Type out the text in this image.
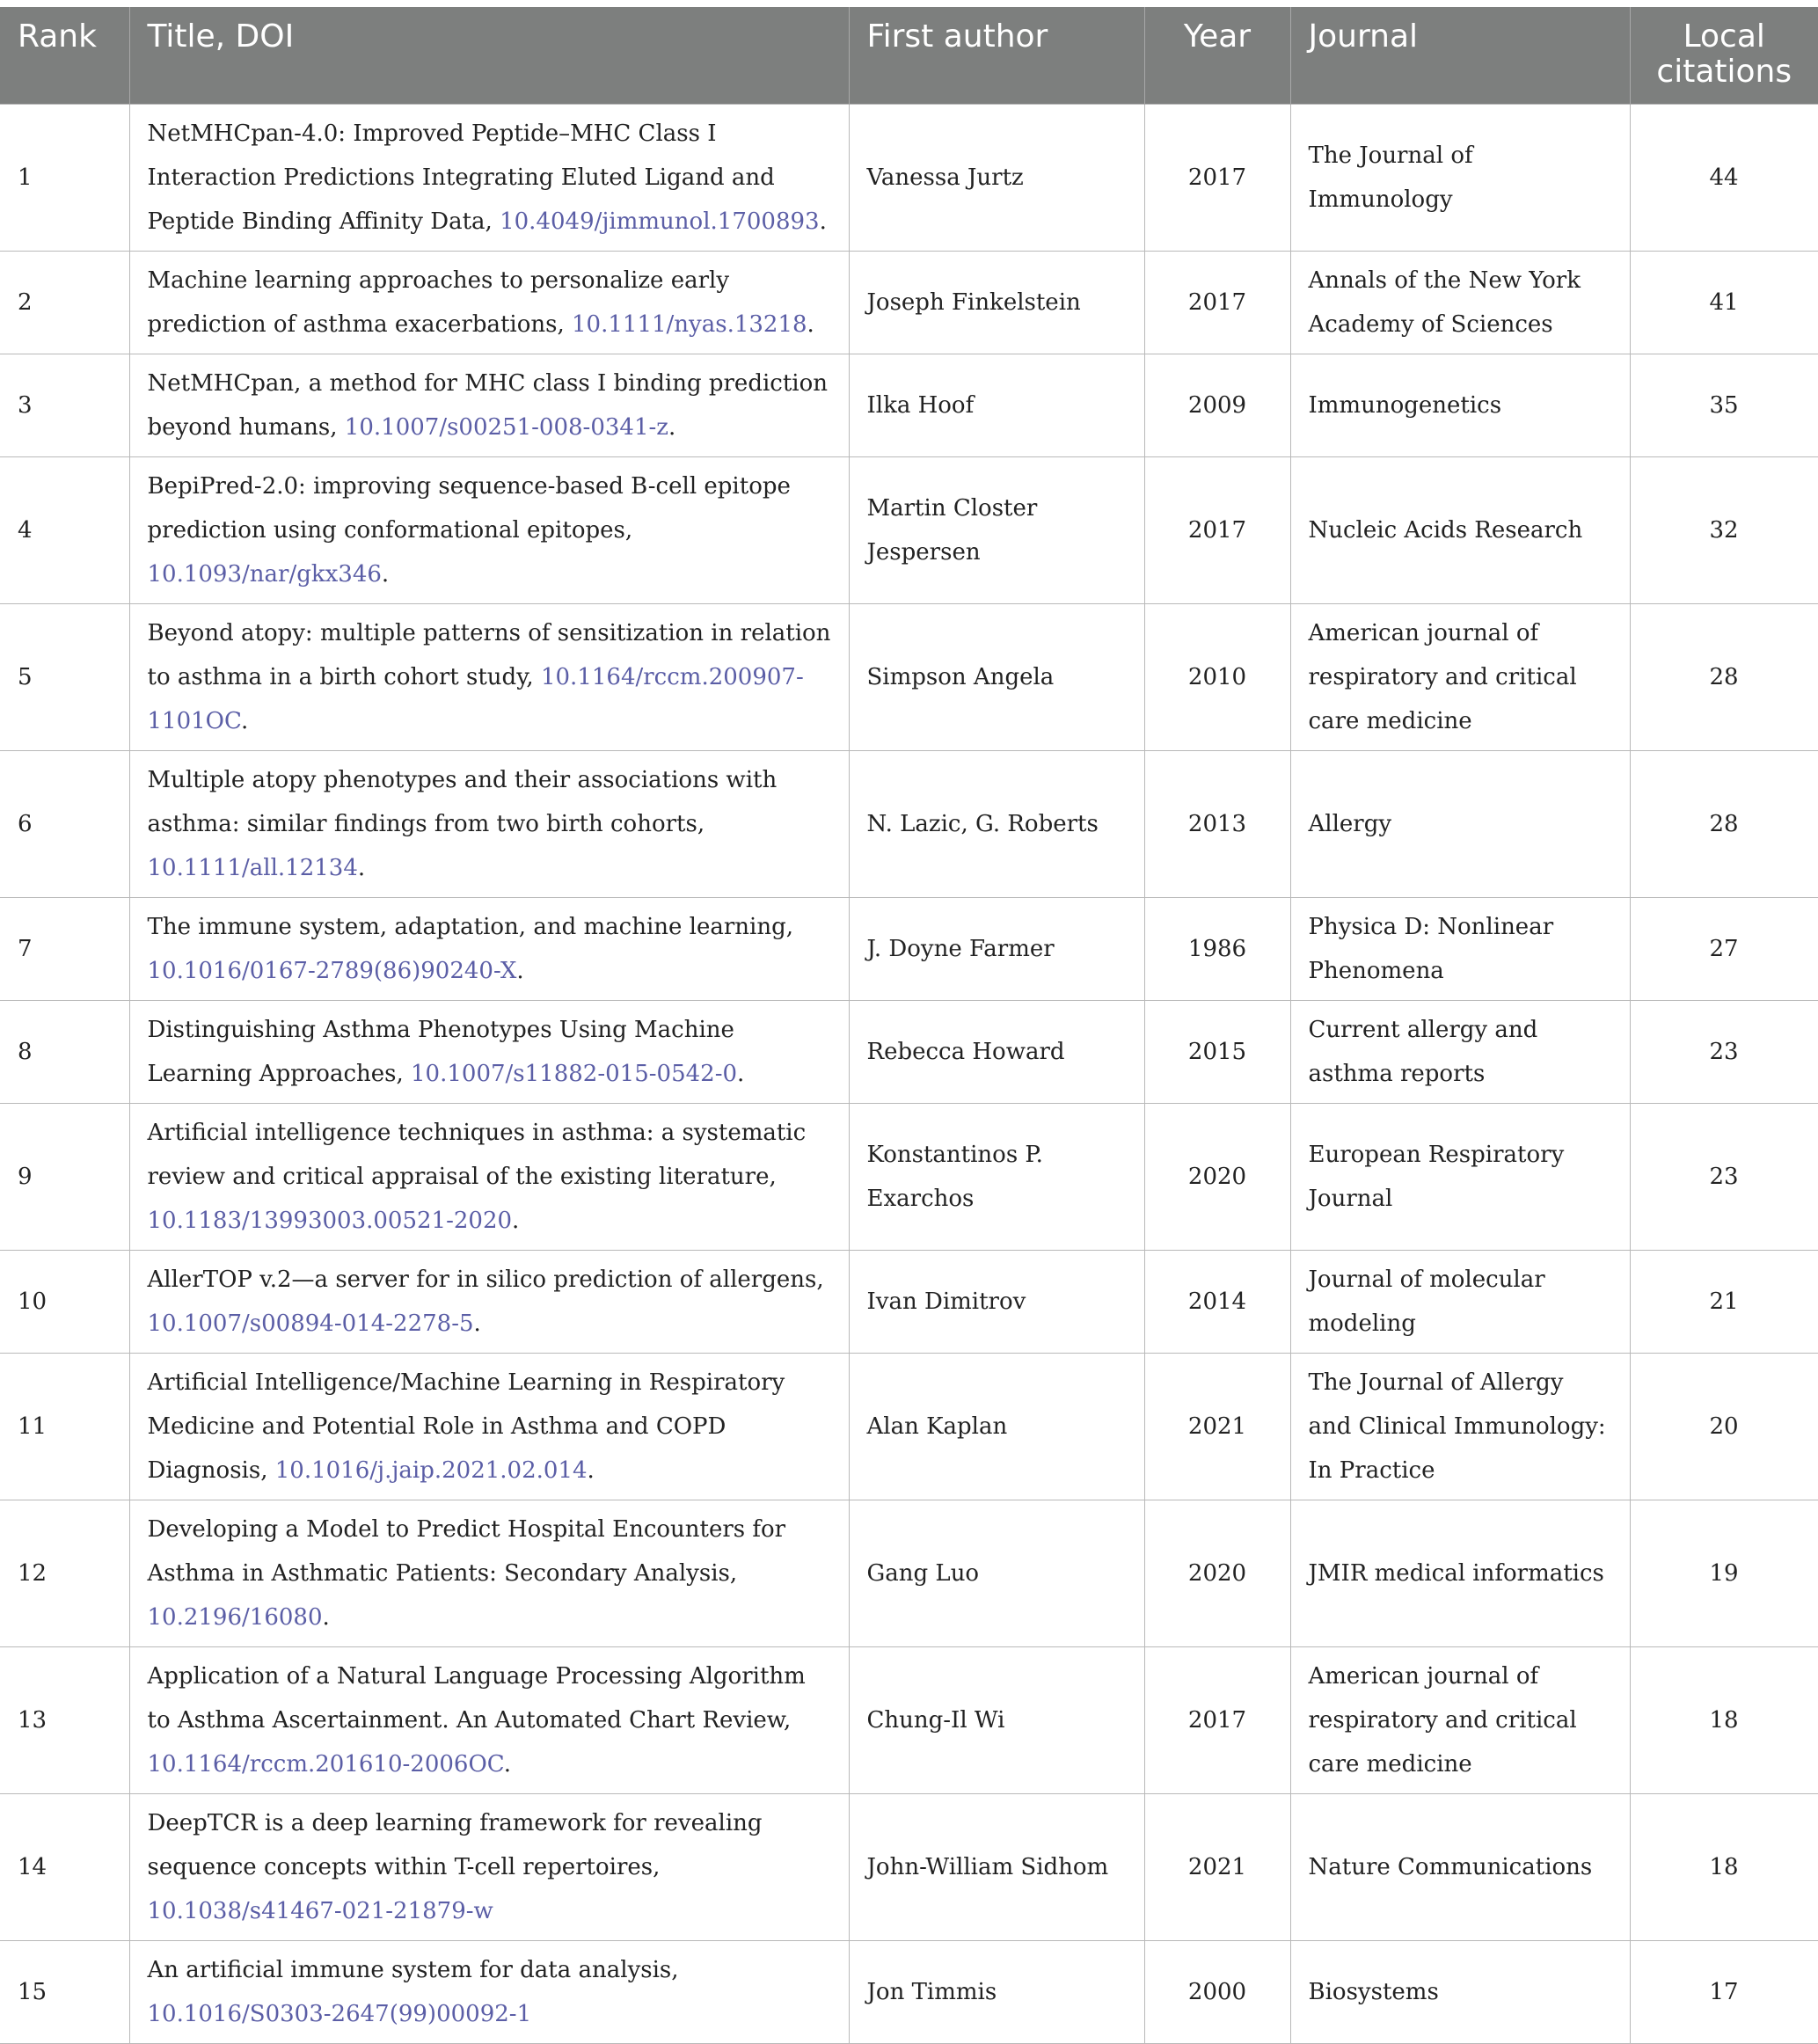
Rank	Title, DOI	First author	Year	Journal	Local citations
1	NetMHCpan-4.0: Improved Peptide–MHC Class I Interaction Predictions Integrating Eluted Ligand and Peptide Binding Affinity Data, 10.4049/jimmunol.1700893.	Vanessa Jurtz	2017	The Journal of Immunology	44
2	Machine learning approaches to personalize early prediction of asthma exacerbations, 10.1111/nyas.13218.	Joseph Finkelstein	2017	Annals of the New York Academy of Sciences	41
3	NetMHCpan, a method for MHC class I binding prediction beyond humans, 10.1007/s00251-008-0341-z.	Ilka Hoof	2009	Immunogenetics	35
4	BepiPred-2.0: improving sequence-based B-cell epitope prediction using conformational epitopes, 10.1093/nar/gkx346.	Martin Closter Jespersen	2017	Nucleic Acids Research	32
5	Beyond atopy: multiple patterns of sensitization in relation to asthma in a birth cohort study, 10.1164/rccm.200907-1101OC.	Simpson Angela	2010	American journal of respiratory and critical care medicine	28
6	Multiple atopy phenotypes and their associations with asthma: similar findings from two birth cohorts, 10.1111/all.12134.	N. Lazic, G. Roberts	2013	Allergy	28
7	The immune system, adaptation, and machine learning, 10.1016/0167-2789(86)90240-X.	J. Doyne Farmer	1986	Physica D: Nonlinear Phenomena	27
8	Distinguishing Asthma Phenotypes Using Machine Learning Approaches, 10.1007/s11882-015-0542-0.	Rebecca Howard	2015	Current allergy and asthma reports	23
9	Artificial intelligence techniques in asthma: a systematic review and critical appraisal of the existing literature, 10.1183/13993003.00521-2020.	Konstantinos P. Exarchos	2020	European Respiratory Journal	23
10	AllerTOP v.2—a server for in silico prediction of allergens, 10.1007/s00894-014-2278-5.	Ivan Dimitrov	2014	Journal of molecular modeling	21
11	Artificial Intelligence/Machine Learning in Respiratory Medicine and Potential Role in Asthma and COPD Diagnosis, 10.1016/j.jaip.2021.02.014.	Alan Kaplan	2021	The Journal of Allergy and Clinical Immunology: In Practice	20
12	Developing a Model to Predict Hospital Encounters for Asthma in Asthmatic Patients: Secondary Analysis, 10.2196/16080.	Gang Luo	2020	JMIR medical informatics	19
13	Application of a Natural Language Processing Algorithm to Asthma Ascertainment. An Automated Chart Review, 10.1164/rccm.201610-2006OC.	Chung-Il Wi	2017	American journal of respiratory and critical care medicine	18
14	DeepTCR is a deep learning framework for revealing sequence concepts within T-cell repertoires, 10.1038/s41467-021-21879-w	John-William Sidhom	2021	Nature Communications	18
15	An artificial immune system for data analysis, 10.1016/S0303-2647(99)00092-1	Jon Timmis	2000	Biosystems	17
